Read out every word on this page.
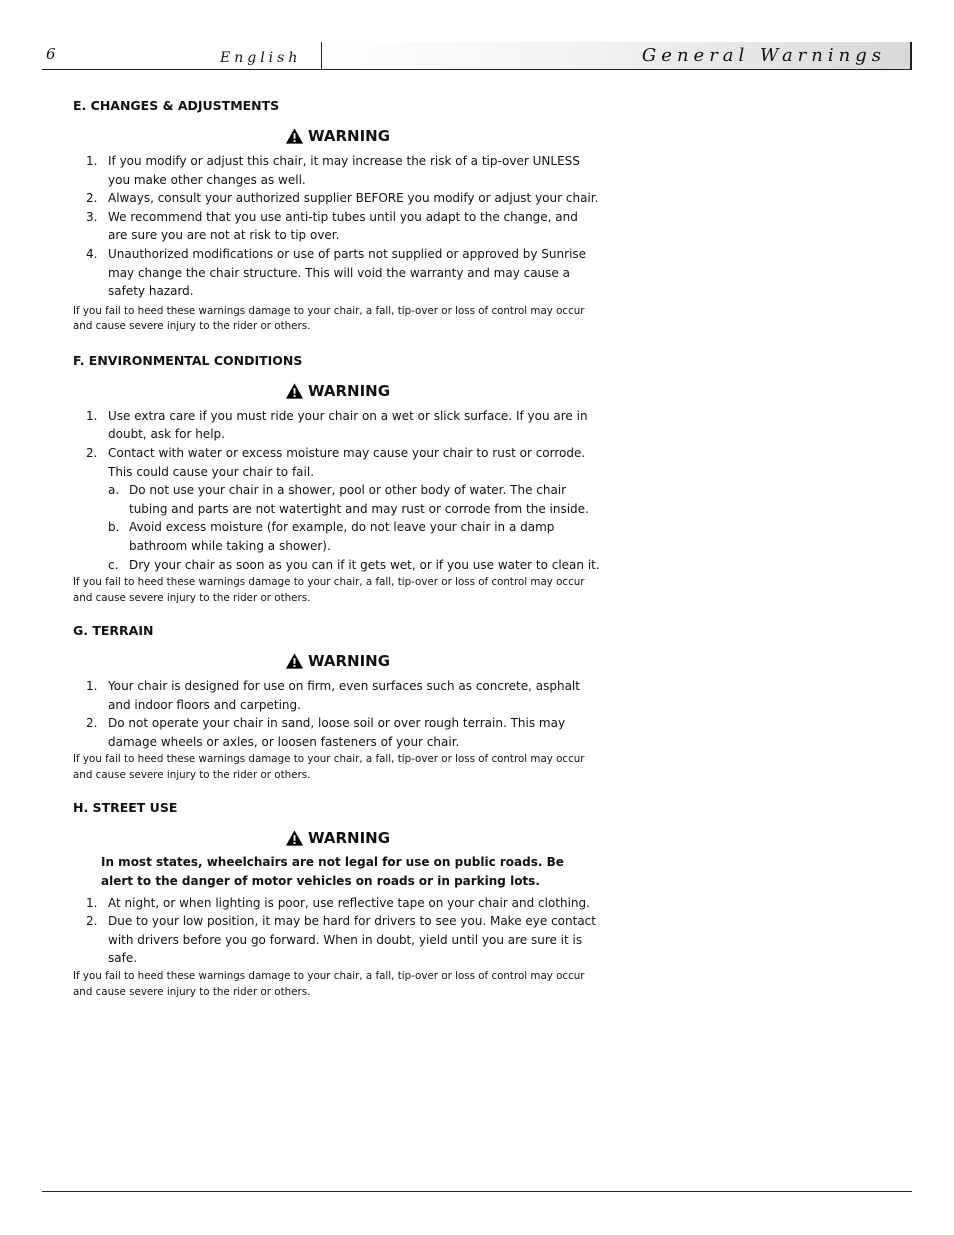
6	English	General Warnings

E. CHANGES & ADJUSTMENTS

WARNING
1. If you modify or adjust this chair, it may increase the risk of a tip-over UNLESS you make other changes as well.
2. Always, consult your authorized supplier BEFORE you modify or adjust your chair.
3. We recommend that you use anti-tip tubes until you adapt to the change, and are sure you are not at risk to tip over.
4. Unauthorized modifications or use of parts not supplied or approved by Sunrise may change the chair structure. This will void the warranty and may cause a safety hazard.

If you fail to heed these warnings damage to your chair, a fall, tip-over or loss of control may occur and cause severe injury to the rider or others.

F. ENVIRONMENTAL CONDITIONS

WARNING
1. Use extra care if you must ride your chair on a wet or slick surface. If you are in doubt, ask for help.
2. Contact with water or excess moisture may cause your chair to rust or corrode. This could cause your chair to fail.
a. Do not use your chair in a shower, pool or other body of water. The chair tubing and parts are not watertight and may rust or corrode from the inside.
b. Avoid excess moisture (for example, do not leave your chair in a damp bathroom while taking a shower).
c. Dry your chair as soon as you can if it gets wet, or if you use water to clean it.

If you fail to heed these warnings damage to your chair, a fall, tip-over or loss of control may occur and cause severe injury to the rider or others.

G. TERRAIN

WARNING
1. Your chair is designed for use on firm, even surfaces such as concrete, asphalt and indoor floors and carpeting.
2. Do not operate your chair in sand, loose soil or over rough terrain. This may damage wheels or axles, or loosen fasteners of your chair.

If you fail to heed these warnings damage to your chair, a fall, tip-over or loss of control may occur and cause severe injury to the rider or others.

H. STREET USE

WARNING

In most states, wheelchairs are not legal for use on public roads. Be alert to the danger of motor vehicles on roads or in parking lots.

1. At night, or when lighting is poor, use reflective tape on your chair and clothing.
2. Due to your low position, it may be hard for drivers to see you. Make eye contact with drivers before you go forward. When in doubt, yield until you are sure it is safe.

If you fail to heed these warnings damage to your chair, a fall, tip-over or loss of control may occur and cause severe injury to the rider or others.
